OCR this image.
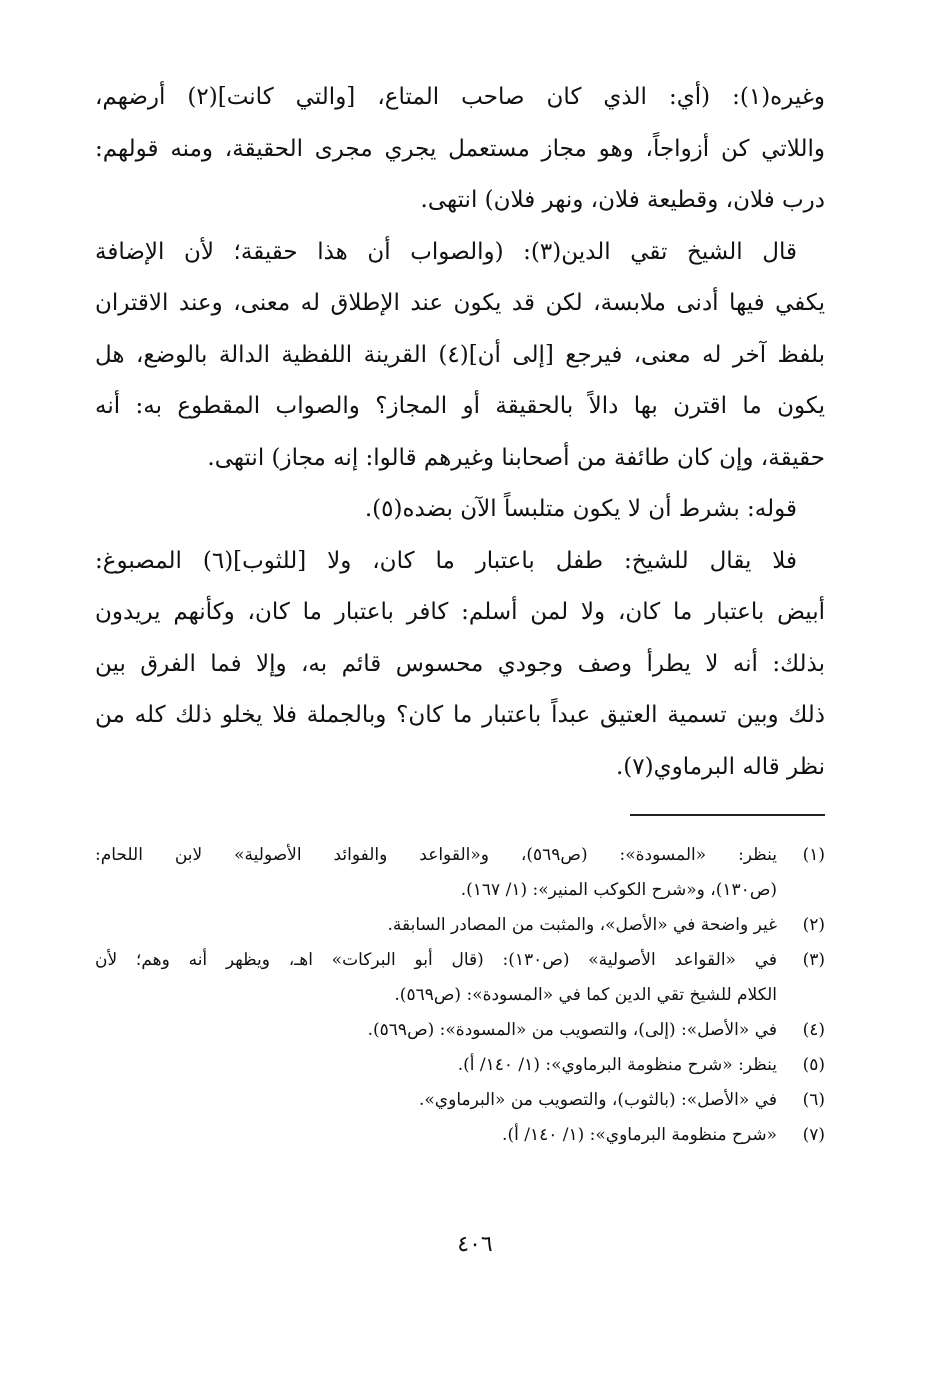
وغيره(١): (أي: الذي كان صاحب المتاع، [والتي كانت](٢) أرضهم،
واللاتي كن أزواجاً، وهو مجاز مستعمل يجري مجرى الحقيقة، ومنه قولهم:
درب فلان، وقطيعة فلان، ونهر فلان) انتهى.
قال الشيخ تقي الدين(٣): (والصواب أن هذا حقيقة؛ لأن الإضافة
يكفي فيها أدنى ملابسة، لكن قد يكون عند الإطلاق له معنى، وعند الاقتران
بلفظ آخر له معنى، فيرجع [إلى أن](٤) القرينة اللفظية الدالة بالوضع، هل
يكون ما اقترن بها دالاً بالحقيقة أو المجاز؟ والصواب المقطوع به: أنه
حقيقة، وإن كان طائفة من أصحابنا وغيرهم قالوا: إنه مجاز) انتهى.
قوله: بشرط أن لا يكون متلبساً الآن بضده(٥).
فلا يقال للشيخ: طفل باعتبار ما كان، ولا [للثوب](٦) المصبوغ:
أبيض باعتبار ما كان، ولا لمن أسلم: كافر باعتبار ما كان، وكأنهم يريدون
بذلك: أنه لا يطرأ وصف وجودي محسوس قائم به، وإلا فما الفرق بين
ذلك وبين تسمية العتيق عبداً باعتبار ما كان؟ وبالجملة فلا يخلو ذلك كله من
نظر قاله البرماوي(٧).
(١)
ينظر: «المسودة»: (ص٥٦٩)، و«القواعد والفوائد الأصولية» لابن اللحام:
(ص١٣٠)، و«شرح الكوكب المنير»: (١/ ١٦٧).
(٢)
غير واضحة في «الأصل»، والمثبت من المصادر السابقة.
(٣)
في «القواعد الأصولية» (ص١٣٠): (قال أبو البركات» اهـ، ويظهر أنه وهم؛ لأن
الكلام للشيخ تقي الدين كما في «المسودة»: (ص٥٦٩).
(٤)
في «الأصل»: (إلى)، والتصويب من «المسودة»: (ص٥٦٩).
(٥)
ينظر: «شرح منظومة البرماوي»: (١/ ١٤٠/ أ).
(٦)
في «الأصل»: (بالثوب)، والتصويب من «البرماوي».
(٧)
«شرح منظومة البرماوي»: (١/ ١٤٠/ أ).
٤٠٦
